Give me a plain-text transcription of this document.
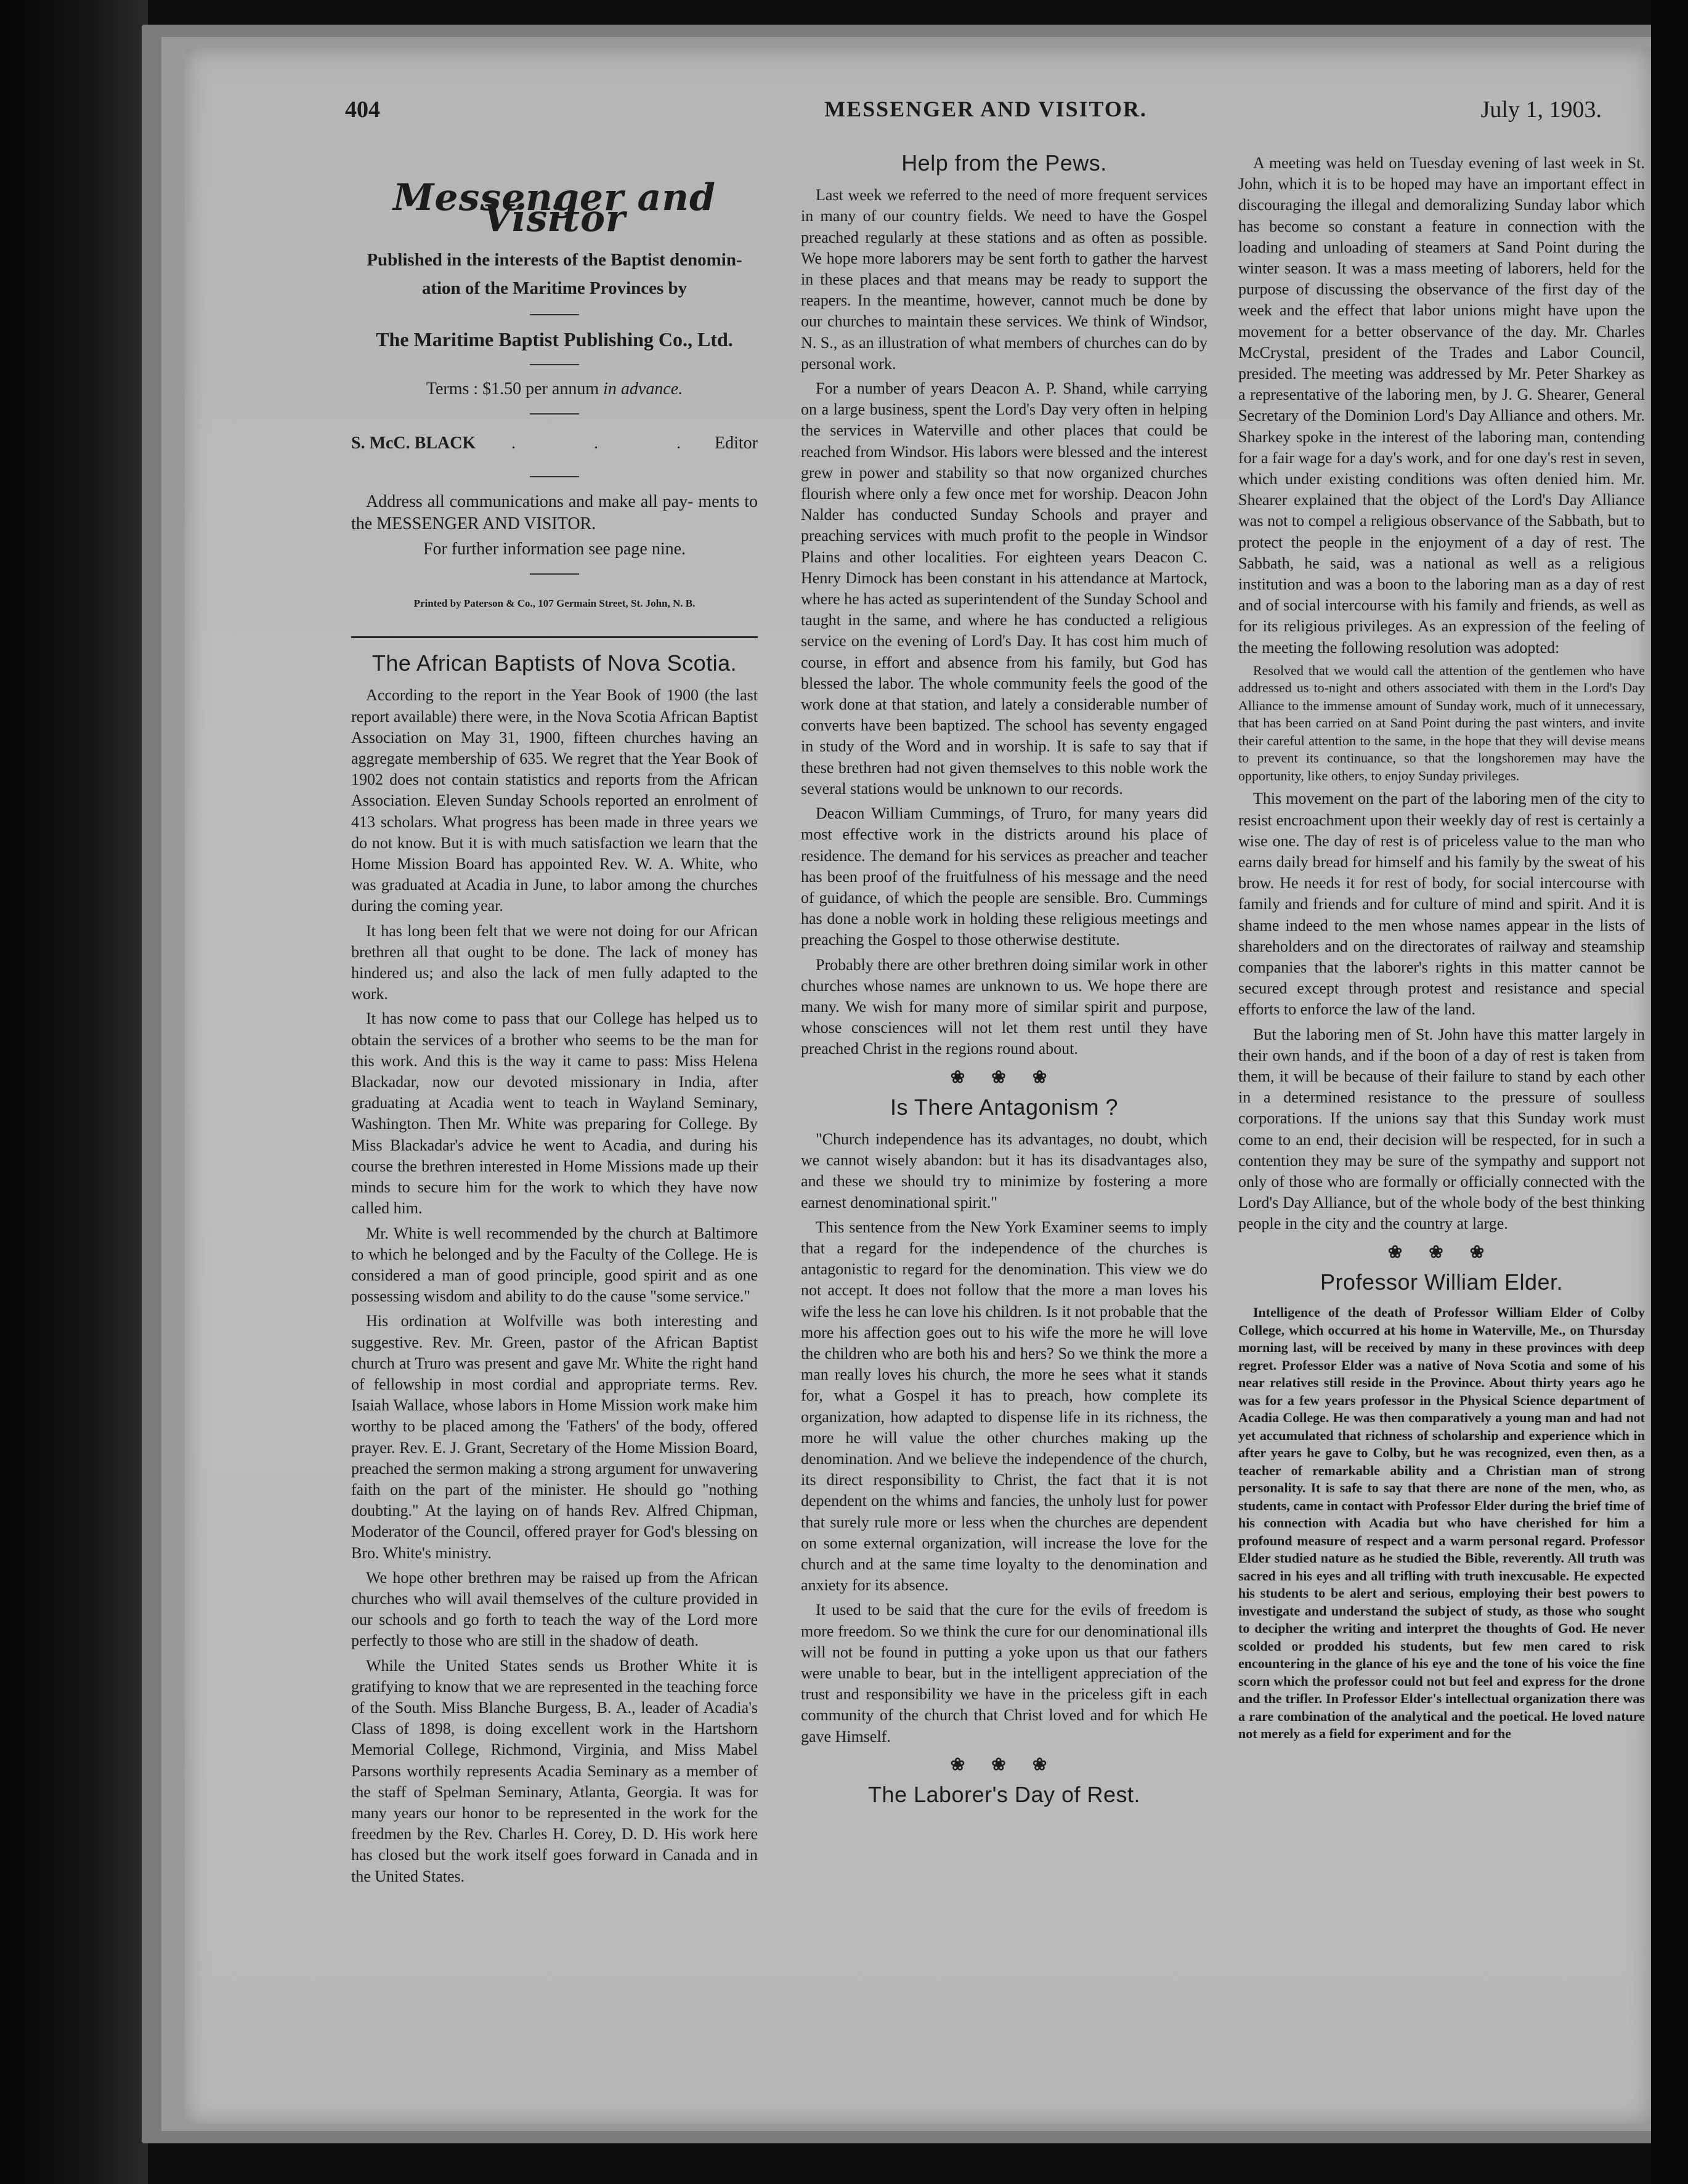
404	MESSENGER AND VISITOR.	July 1, 1903.
Messenger and Visitor

Published in the interests of the Baptist denomin-

ation of the Maritime Provinces by

The Maritime Baptist Publishing Co., Ltd.
Terms : $1.50 per annum in advance.
S. McC. BLACK . . .
Editor

Address all communications and make all pay- ments to the MESSENGER AND VISITOR.

For further information see page nine.

Printed by Paterson & Co., 107 Germain Street, St. John, N. B.
The African Baptists of Nova Scotia.

According to the report in the Year Book of 1900 (the last report available) there were, in the Nova Scotia African Baptist Association on May 31, 1900, fifteen churches having an aggregate membership of 635. We regret that the Year Book of 1902 does not contain statistics and reports from the African Association. Eleven Sunday Schools reported an enrolment of 413 scholars. What progress has been made in three years we do not know. But it is with much satisfaction we learn that the Home Mission Board has appointed Rev. W. A. White, who was graduated at Acadia in June, to labor among the churches during the coming year.

It has long been felt that we were not doing for our African brethren all that ought to be done. The lack of money has hindered us; and also the lack of men fully adapted to the work.

It has now come to pass that our College has helped us to obtain the services of a brother who seems to be the man for this work. And this is the way it came to pass: Miss Helena Blackadar, now our devoted missionary in India, after graduating at Acadia went to teach in Wayland Seminary, Washington. Then Mr. White was preparing for College. By Miss Blackadar's advice he went to Acadia, and during his course the brethren interested in Home Missions made up their minds to secure him for the work to which they have now called him.

Mr. White is well recommended by the church at Baltimore to which he belonged and by the Faculty of the College. He is considered a man of good principle, good spirit and as one possessing wisdom and ability to do the cause "some service."

His ordination at Wolfville was both interesting and suggestive. Rev. Mr. Green, pastor of the African Baptist church at Truro was present and gave Mr. White the right hand of fellowship in most cordial and appropriate terms. Rev. Isaiah Wallace, whose labors in Home Mission work make him worthy to be placed among the 'Fathers' of the body, offered prayer. Rev. E. J. Grant, Secretary of the Home Mission Board, preached the sermon making a strong argument for unwavering faith on the part of the minister. He should go "nothing doubting." At the laying on of hands Rev. Alfred Chipman, Moderator of the Council, offered prayer for God's blessing on Bro. White's ministry.

We hope other brethren may be raised up from the African churches who will avail themselves of the culture provided in our schools and go forth to teach the way of the Lord more perfectly to those who are still in the shadow of death.

While the United States sends us Brother White it is gratifying to know that we are represented in the teaching force of the South. Miss Blanche Burgess, B. A., leader of Acadia's Class of 1898, is doing excellent work in the Hartshorn Memorial College, Richmond, Virginia, and Miss Mabel Parsons worthily represents Acadia Seminary as a member of the staff of Spelman Seminary, Atlanta, Georgia. It was for many years our honor to be represented in the work for the freedmen by the Rev. Charles H. Corey, D. D. His work here has closed but the work itself goes forward in Canada and in the United States.

Help from the Pews.

Last week we referred to the need of more frequent services in many of our country fields. We need to have the Gospel preached regularly at these stations and as often as possible. We hope more laborers may be sent forth to gather the harvest in these places and that means may be ready to support the reapers. In the meantime, however, cannot much be done by our churches to maintain these services. We think of Windsor, N. S., as an illustration of what members of churches can do by personal work.

For a number of years Deacon A. P. Shand, while carrying on a large business, spent the Lord's Day very often in helping the services in Waterville and other places that could be reached from Windsor. His labors were blessed and the interest grew in power and stability so that now organized churches flourish where only a few once met for worship. Deacon John Nalder has conducted Sunday Schools and prayer and preaching services with much profit to the people in Windsor Plains and other localities. For eighteen years Deacon C. Henry Dimock has been constant in his attendance at Martock, where he has acted as superintendent of the Sunday School and taught in the same, and where he has conducted a religious service on the evening of Lord's Day. It has cost him much of course, in effort and absence from his family, but God has blessed the labor. The whole community feels the good of the work done at that station, and lately a considerable number of converts have been baptized. The school has seventy engaged in study of the Word and in worship. It is safe to say that if these brethren had not given themselves to this noble work the several stations would be unknown to our records.

Deacon William Cummings, of Truro, for many years did most effective work in the districts around his place of residence. The demand for his services as preacher and teacher has been proof of the fruitfulness of his message and the need of guidance, of which the people are sensible. Bro. Cummings has done a noble work in holding these religious meetings and preaching the Gospel to those otherwise destitute.

Probably there are other brethren doing similar work in other churches whose names are unknown to us. We hope there are many. We wish for many more of similar spirit and purpose, whose consciences will not let them rest until they have preached Christ in the regions round about.

❀ ❀ ❀
Is There Antagonism ?

"Church independence has its advantages, no doubt, which we cannot wisely abandon: but it has its disadvantages also, and these we should try to minimize by fostering a more earnest denominational spirit."

This sentence from the New York Examiner seems to imply that a regard for the independence of the churches is antagonistic to regard for the denomination. This view we do not accept. It does not follow that the more a man loves his wife the less he can love his children. Is it not probable that the more his affection goes out to his wife the more he will love the children who are both his and hers? So we think the more a man really loves his church, the more he sees what it stands for, what a Gospel it has to preach, how complete its organization, how adapted to dispense life in its richness, the more he will value the other churches making up the denomination. And we believe the independence of the church, its direct responsibility to Christ, the fact that it is not dependent on the whims and fancies, the unholy lust for power that surely rule more or less when the churches are dependent on some external organization, will increase the love for the church and at the same time loyalty to the denomination and anxiety for its absence.

It used to be said that the cure for the evils of freedom is more freedom. So we think the cure for our denominational ills will not be found in putting a yoke upon us that our fathers were unable to bear, but in the intelligent appreciation of the trust and responsibility we have in the priceless gift in each community of the church that Christ loved and for which He gave Himself.

❀ ❀ ❀
The Laborer's Day of Rest.

A meeting was held on Tuesday evening of last week in St. John, which it is to be hoped may have an important effect in discouraging the illegal and demoralizing Sunday labor which has become so constant a feature in connection with the loading and unloading of steamers at Sand Point during the winter season. It was a mass meeting of laborers, held for the purpose of discussing the observance of the first day of the week and the effect that labor unions might have upon the movement for a better observance of the day. Mr. Charles McCrystal, president of the Trades and Labor Council, presided. The meeting was addressed by Mr. Peter Sharkey as a representative of the laboring men, by J. G. Shearer, General Secretary of the Dominion Lord's Day Alliance and others. Mr. Sharkey spoke in the interest of the laboring man, contending for a fair wage for a day's work, and for one day's rest in seven, which under existing conditions was often denied him. Mr. Shearer explained that the object of the Lord's Day Alliance was not to compel a religious observance of the Sabbath, but to protect the people in the enjoyment of a day of rest. The Sabbath, he said, was a national as well as a religious institution and was a boon to the laboring man as a day of rest and of social intercourse with his family and friends, as well as for its religious privileges. As an expression of the feeling of the meeting the following resolution was adopted:

Resolved that we would call the attention of the gentlemen who have addressed us to-night and others associated with them in the Lord's Day Alliance to the immense amount of Sunday work, much of it unnecessary, that has been carried on at Sand Point during the past winters, and invite their careful attention to the same, in the hope that they will devise means to prevent its continuance, so that the longshoremen may have the opportunity, like others, to enjoy Sunday privileges.

This movement on the part of the laboring men of the city to resist encroachment upon their weekly day of rest is certainly a wise one. The day of rest is of priceless value to the man who earns daily bread for himself and his family by the sweat of his brow. He needs it for rest of body, for social intercourse with family and friends and for culture of mind and spirit. And it is shame indeed to the men whose names appear in the lists of shareholders and on the directorates of railway and steamship companies that the laborer's rights in this matter cannot be secured except through protest and resistance and special efforts to enforce the law of the land.

But the laboring men of St. John have this matter largely in their own hands, and if the boon of a day of rest is taken from them, it will be because of their failure to stand by each other in a determined resistance to the pressure of soulless corporations. If the unions say that this Sunday work must come to an end, their decision will be respected, for in such a contention they may be sure of the sympathy and support not only of those who are formally or officially connected with the Lord's Day Alliance, but of the whole body of the best thinking people in the city and the country at large.

❀ ❀ ❀
Professor William Elder.

Intelligence of the death of Professor William Elder of Colby College, which occurred at his home in Waterville, Me., on Thursday morning last, will be received by many in these provinces with deep regret. Professor Elder was a native of Nova Scotia and some of his near relatives still reside in the Province. About thirty years ago he was for a few years professor in the Physical Science department of Acadia College. He was then comparatively a young man and had not yet accumulated that richness of scholarship and experience which in after years he gave to Colby, but he was recognized, even then, as a teacher of remarkable ability and a Christian man of strong personality. It is safe to say that there are none of the men, who, as students, came in contact with Professor Elder during the brief time of his connection with Acadia but who have cherished for him a profound measure of respect and a warm personal regard. Professor Elder studied nature as he studied the Bible, reverently. All truth was sacred in his eyes and all trifling with truth inexcusable. He expected his students to be alert and serious, employing their best powers to investigate and understand the subject of study, as those who sought to decipher the writing and interpret the thoughts of God. He never scolded or prodded his students, but few men cared to risk encountering in the glance of his eye and the tone of his voice the fine scorn which the professor could not but feel and express for the drone and the trifler. In Professor Elder's intellectual organization there was a rare combination of the analytical and the poetical. He loved nature not merely as a field for experiment and for the
